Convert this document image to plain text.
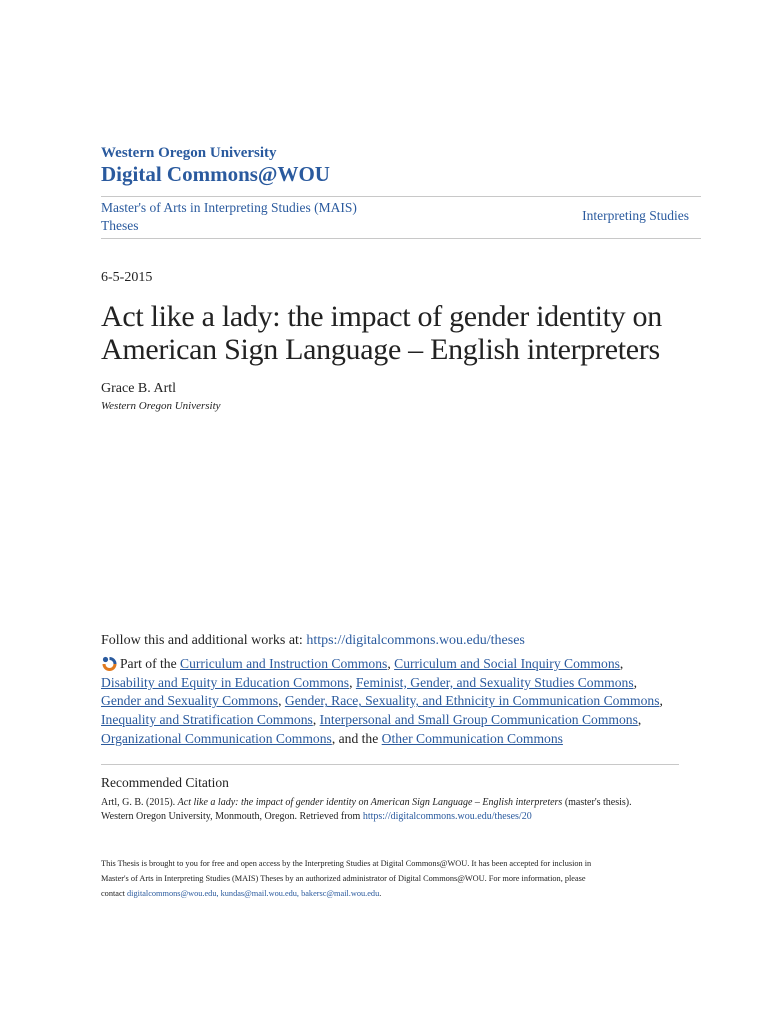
Western Oregon University
Digital Commons@WOU
Master's of Arts in Interpreting Studies (MAIS)
Theses
Interpreting Studies
6-5-2015
Act like a lady: the impact of gender identity on
American Sign Language – English interpreters
Grace B. Artl
Western Oregon University
Follow this and additional works at: https://digitalcommons.wou.edu/theses
Part of the Curriculum and Instruction Commons, Curriculum and Social Inquiry Commons,
Disability and Equity in Education Commons, Feminist, Gender, and Sexuality Studies Commons,
Gender and Sexuality Commons, Gender, Race, Sexuality, and Ethnicity in Communication Commons, Inequality and Stratification Commons, Interpersonal and Small Group Communication Commons, Organizational Communication Commons, and the Other Communication Commons
Recommended Citation
Artl, G. B. (2015). Act like a lady: the impact of gender identity on American Sign Language – English interpreters (master's thesis).
Western Oregon University, Monmouth, Oregon. Retrieved from https://digitalcommons.wou.edu/theses/20
This Thesis is brought to you for free and open access by the Interpreting Studies at Digital Commons@WOU. It has been accepted for inclusion in
Master's of Arts in Interpreting Studies (MAIS) Theses by an authorized administrator of Digital Commons@WOU. For more information, please
contact digitalcommons@wou.edu, kundas@mail.wou.edu, bakersc@mail.wou.edu.
